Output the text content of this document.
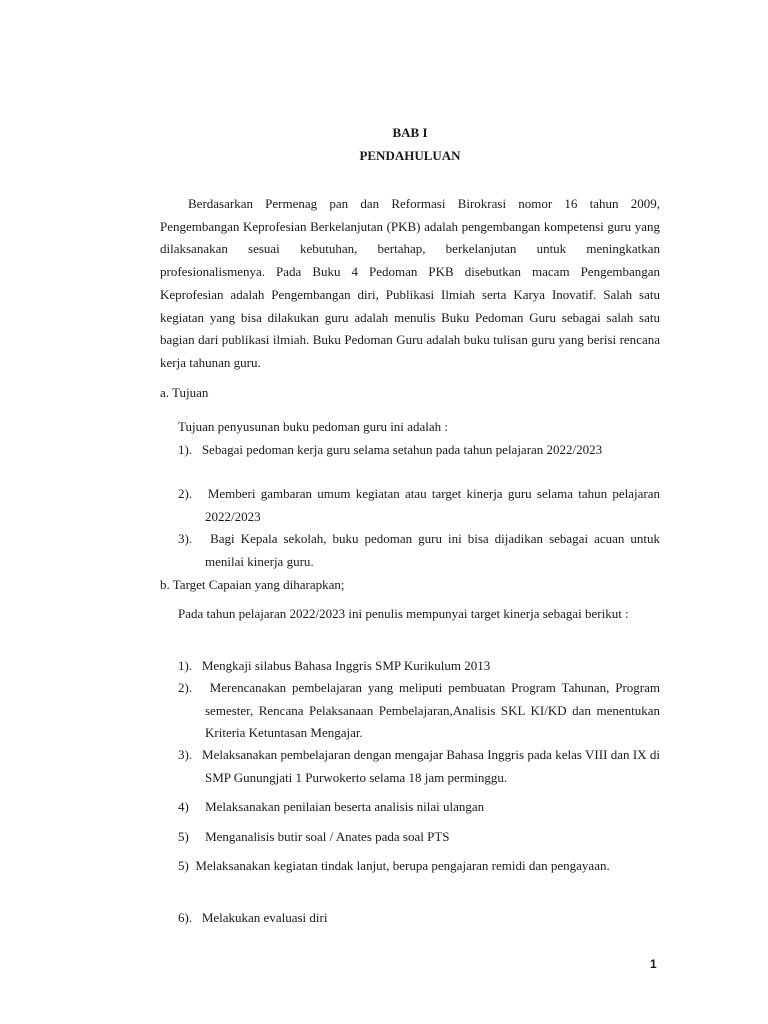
BAB I

PENDAHULUAN

Berdasarkan Permenag pan dan Reformasi Birokrasi nomor 16 tahun 2009, Pengembangan Keprofesian Berkelanjutan (PKB) adalah pengembangan kompetensi guru yang dilaksanakan sesuai kebutuhan, bertahap, berkelanjutan untuk meningkatkan profesionalismenya. Pada Buku 4 Pedoman PKB disebutkan macam Pengembangan Keprofesian adalah Pengembangan diri, Publikasi Ilmiah serta Karya Inovatif. Salah satu kegiatan yang bisa dilakukan guru adalah menulis Buku Pedoman Guru sebagai salah satu bagian dari publikasi ilmiah. Buku Pedoman Guru adalah buku tulisan guru yang berisi rencana kerja tahunan guru.

a. Tujuan

Tujuan penyusunan buku pedoman guru ini adalah :

1).   Sebagai pedoman kerja guru selama setahun pada tahun pelajaran 2022/2023

2).   Memberi gambaran umum kegiatan atau target kinerja guru selama tahun pelajaran 2022/2023

3).   Bagi Kepala sekolah, buku pedoman guru ini bisa dijadikan sebagai acuan untuk menilai kinerja guru.

b. Target Capaian yang diharapkan;

Pada tahun pelajaran 2022/2023 ini penulis mempunyai target kinerja sebagai berikut :

1).   Mengkaji silabus Bahasa Inggris SMP Kurikulum 2013

2).   Merencanakan pembelajaran yang meliputi pembuatan Program Tahunan, Program semester, Rencana Pelaksanaan Pembelajaran,Analisis SKL KI/KD dan menentukan Kriteria Ketuntasan Mengajar.

3).   Melaksanakan pembelajaran dengan mengajar Bahasa Inggris pada kelas VIII dan IX di SMP Gunungjati 1 Purwokerto selama 18 jam perminggu.

4)     Melaksanakan penilaian beserta analisis nilai ulangan

5)     Menganalisis butir soal / Anates pada soal PTS

5)  Melaksanakan kegiatan tindak lanjut, berupa pengajaran remidi dan pengayaan.

6).   Melakukan evaluasi diri

1
